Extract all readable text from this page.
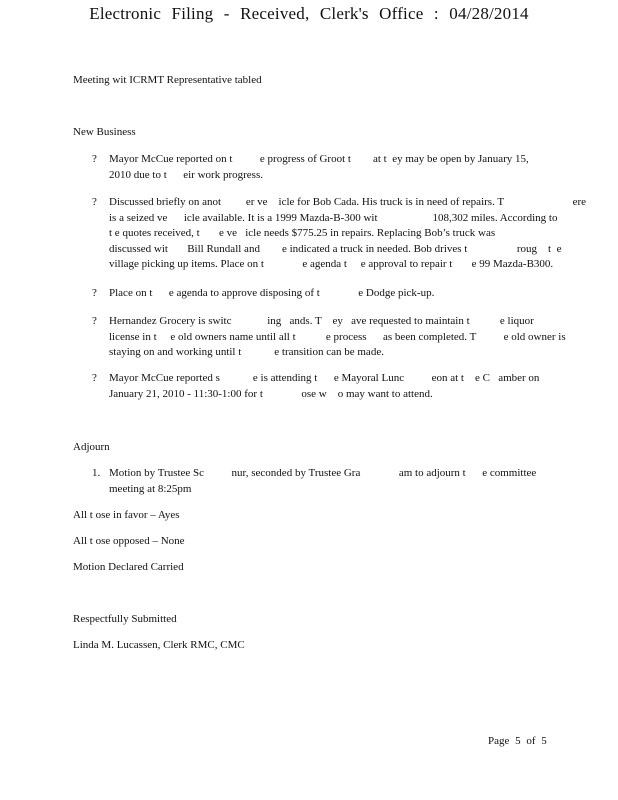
Electronic Filing - Received, Clerk's Office : 04/28/2014
Meeting wit ICRMT Representative tabled
New Business
?	Mayor McCue reported on t          e progress of Groot t        at t  ey may be open by January 15,
2010 due to t      eir work progress.
?	Discussed briefly on anot         er ve    icle for Bob Cada. His truck is in need of repairs. T                         ere
is a seized ve      icle available. It is a 1999 Mazda-B-300 wit                    108,302 miles. According to
t e quotes received, t       e ve   icle needs $775.25 in repairs. Replacing Bob’s truck was
discussed wit       Bill Rundall and        e indicated a truck in needed. Bob drives t                  roug    t  e
village picking up items. Place on t              e agenda t     e approval to repair t       e 99 Mazda-B300.
?	Place on t      e agenda to approve disposing of t              e Dodge pick-up.
?	Hernandez Grocery is switc             ing   ands. T    ey   ave requested to maintain t           e liquor
license in t     e old owners name until all t           e process      as been completed. T          e old owner is
staying on and working until t            e transition can be made.
?	Mayor McCue reported s            e is attending t      e Mayoral Lunc          eon at t    e C   amber on
January 21, 2010 - 11:30-1:00 for t              ose w    o may want to attend.
Adjourn
1. Motion by Trustee Sc          nur, seconded by Trustee Gra              am to adjourn t      e committee
meeting at 8:25pm
All t ose in favor – Ayes
All t ose opposed – None
Motion Declared Carried
Respectfully Submitted
Linda M. Lucassen, Clerk RMC, CMC
Page 5 of 5
